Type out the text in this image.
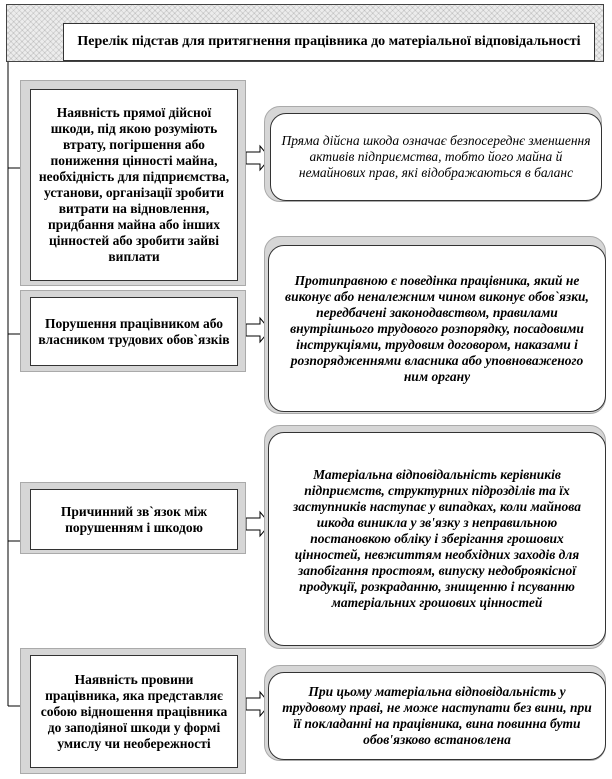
Перелік підстав для притягнення працівника до матеріальної відповідальності
Наявність прямої дійсної шкоди, під якою розуміють втрату, погіршення або пониження цінності майна, необхідність для підприємства, установи, організації зробити витрати на відновлення, придбання майна або інших цінностей або зробити зайві виплати
Пряма дійсна шкода означає безпосереднє зменшення активів підприємства, тобто його майна й немайнових прав, які відображаються в баланс
Порушення працівником або власником трудових обов`язків
Протиправною є поведінка працівника, який не виконує або неналежним чином виконує обов`язки, передбачені законодавством, правилами внутрішнього трудового розпорядку, посадовими інструкціями, трудовим договором, наказами і розпорядженнями власника або уповноваженого ним органу
Причинний зв`язок між порушенням і шкодою
Матеріальна відповідальність керівників підприємств, структурних підрозділів та їх заступників наступає у випадках, коли майнова шкода виникла у зв'язку з неправильною постановкою обліку і зберігання грошових цінностей, невжиттям необхідних заходів для запобігання простоям, випуску недоброякісної продукції, розкраданню, знищенню і псуванню матеріальних грошових цінностей
Наявність провини працівника, яка представляє собою відношення працівника до заподіяної шкоди у формі умислу чи необережності
При цьому матеріальна відповідальність у трудовому праві, не може наступати без вини, при її покладанні на працівника, вина повинна бути обов'язково встановлена
